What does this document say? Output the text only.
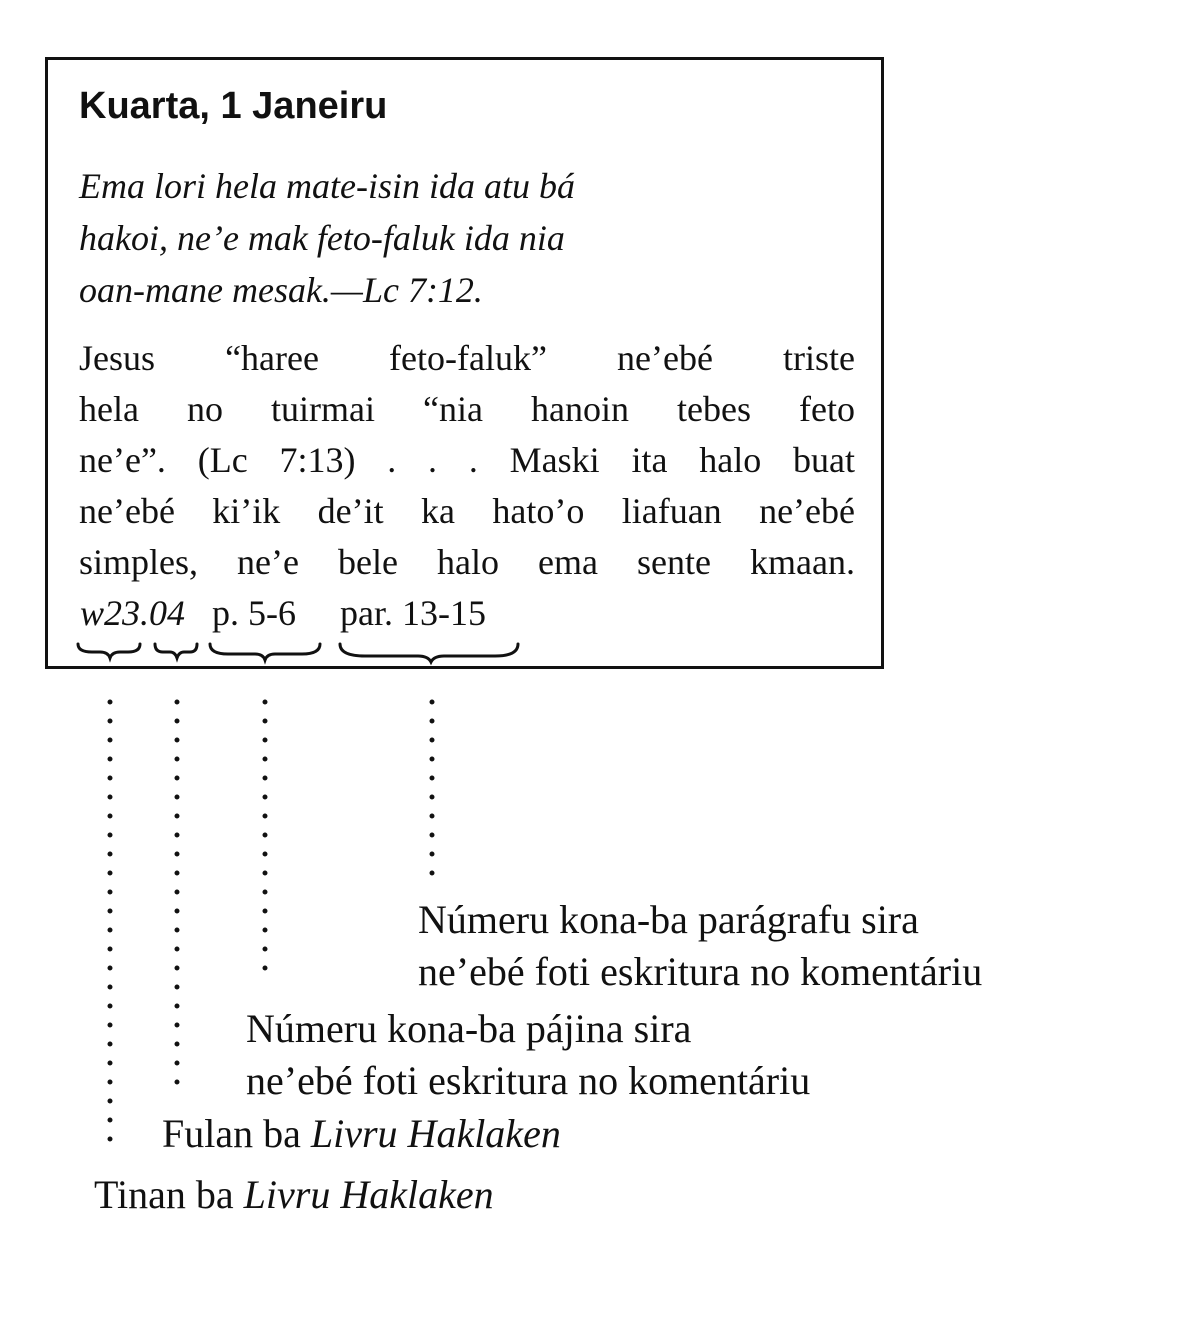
Kuarta, 1 Janeiru
Ema lori hela mate-isin ida atu bá
hakoi, ne’e mak feto-faluk ida nia
oan-mane mesak.—Lc 7:12.
Jesus “haree feto-faluk” ne’ebé triste
hela no tuirmai “nia hanoin tebes feto
ne’e”. (Lc 7:13) . . . Maski ita halo buat
ne’ebé ki’ik de’it ka hato’o liafuan ne’ebé
simples, ne’e bele halo ema sente kmaan.
w23.04 p. 5-6 par. 13-15
Númeru kona-ba parágrafu sira
ne’ebé foti eskritura no komentáriu
Númeru kona-ba pájina sira
ne’ebé foti eskritura no komentáriu
Fulan ba Livru Haklaken
Tinan ba Livru Haklaken
